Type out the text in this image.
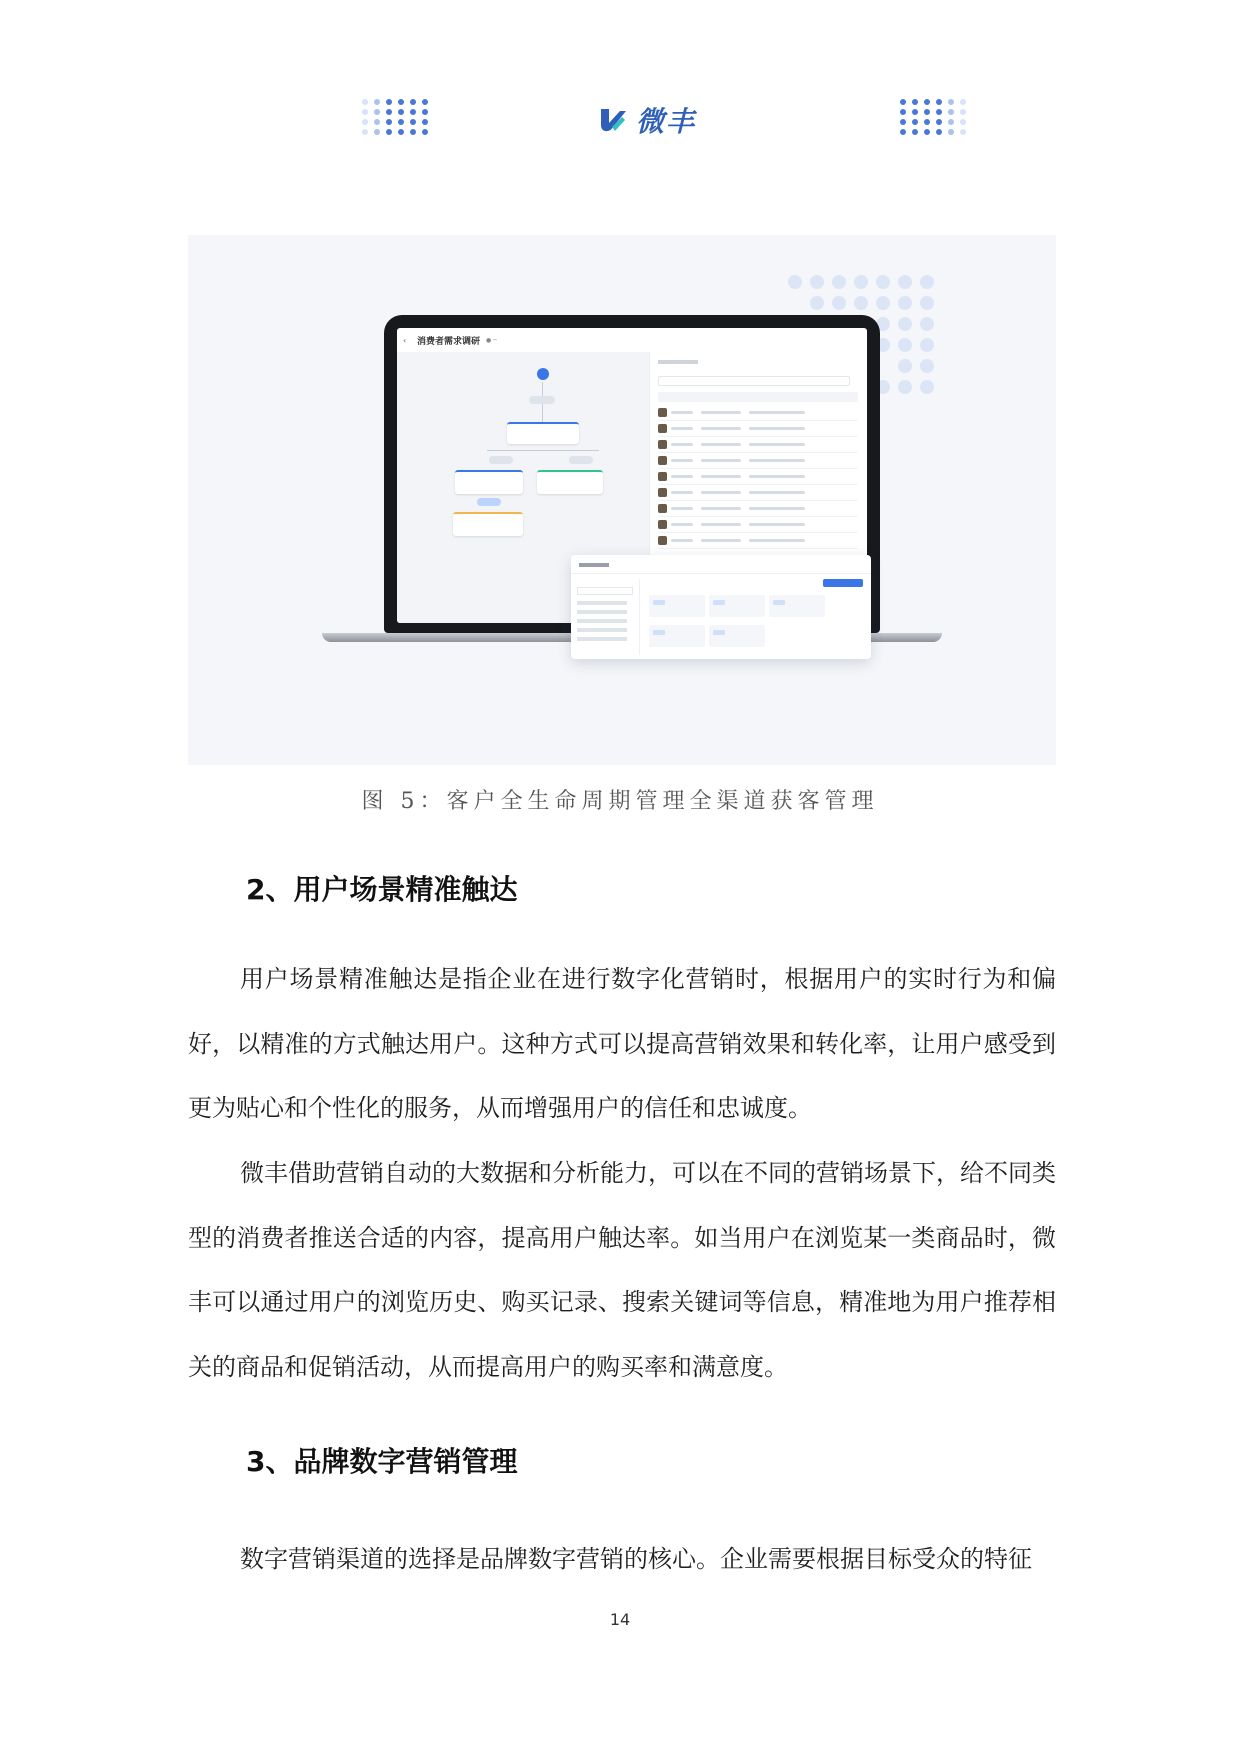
微丰
‹ 消费者需求调研 ● ─
图 5：客户全生命周期管理全渠道获客管理
2、用户场景精准触达

用户场景精准触达是指企业在进行数字化营销时，根据用户的实时行为和偏好，以精准的方式触达用户。这种方式可以提高营销效果和转化率，让用户感受到更为贴心和个性化的服务，从而增强用户的信任和忠诚度。

微丰借助营销自动的大数据和分析能力，可以在不同的营销场景下，给不同类型的消费者推送合适的内容，提高用户触达率。如当用户在浏览某一类商品时，微丰可以通过用户的浏览历史、购买记录、搜索关键词等信息，精准地为用户推荐相关的商品和促销活动，从而提高用户的购买率和满意度。

3、品牌数字营销管理

数字营销渠道的选择是品牌数字营销的核心。企业需要根据目标受众的特征

14
